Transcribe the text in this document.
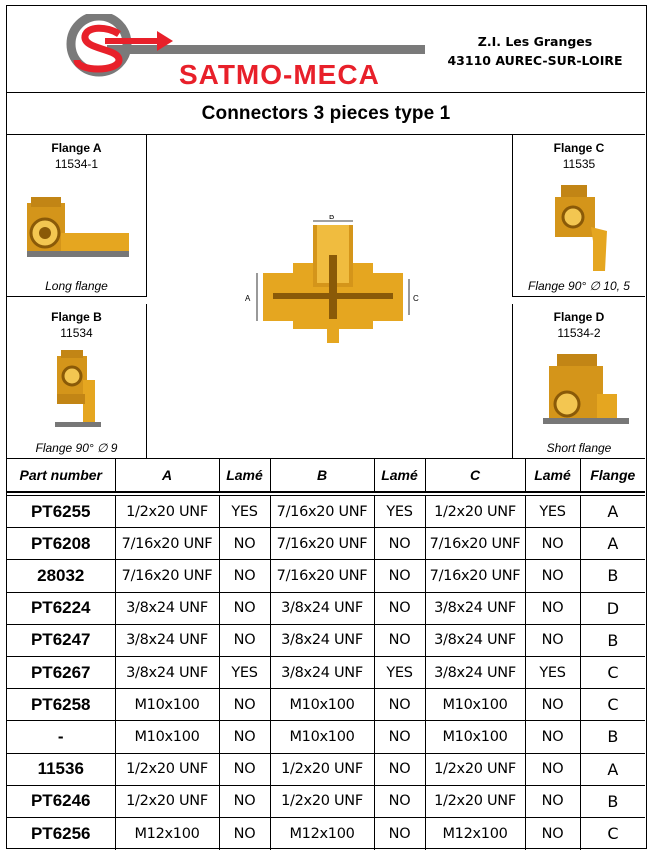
SATMO-MECA
Z.I. Les Granges
43110 AUREC-SUR-LOIRE
Connectors 3 pieces type 1
Flange A
11534-1
Long flange
Flange B
11534
Flange 90° ∅ 9
B
A	C
Flange C
11535
Flange 90° ∅ 10, 5
Flange D
11534-2
Short flange
Part number	A	Lamé	B	Lamé	C	Lamé	Flange

PT6255	1/2x20 UNF	YES	7/16x20 UNF	YES	1/2x20 UNF	YES	A
PT6208	7/16x20 UNF	NO	7/16x20 UNF	NO	7/16x20 UNF	NO	A
28032	7/16x20 UNF	NO	7/16x20 UNF	NO	7/16x20 UNF	NO	B
PT6224	3/8x24 UNF	NO	3/8x24 UNF	NO	3/8x24 UNF	NO	D
PT6247	3/8x24 UNF	NO	3/8x24 UNF	NO	3/8x24 UNF	NO	B
PT6267	3/8x24 UNF	YES	3/8x24 UNF	YES	3/8x24 UNF	YES	C
PT6258	M10x100	NO	M10x100	NO	M10x100	NO	C
-	M10x100	NO	M10x100	NO	M10x100	NO	B
11536	1/2x20 UNF	NO	1/2x20 UNF	NO	1/2x20 UNF	NO	A
PT6246	1/2x20 UNF	NO	1/2x20 UNF	NO	1/2x20 UNF	NO	B
PT6256	M12x100	NO	M12x100	NO	M12x100	NO	C
